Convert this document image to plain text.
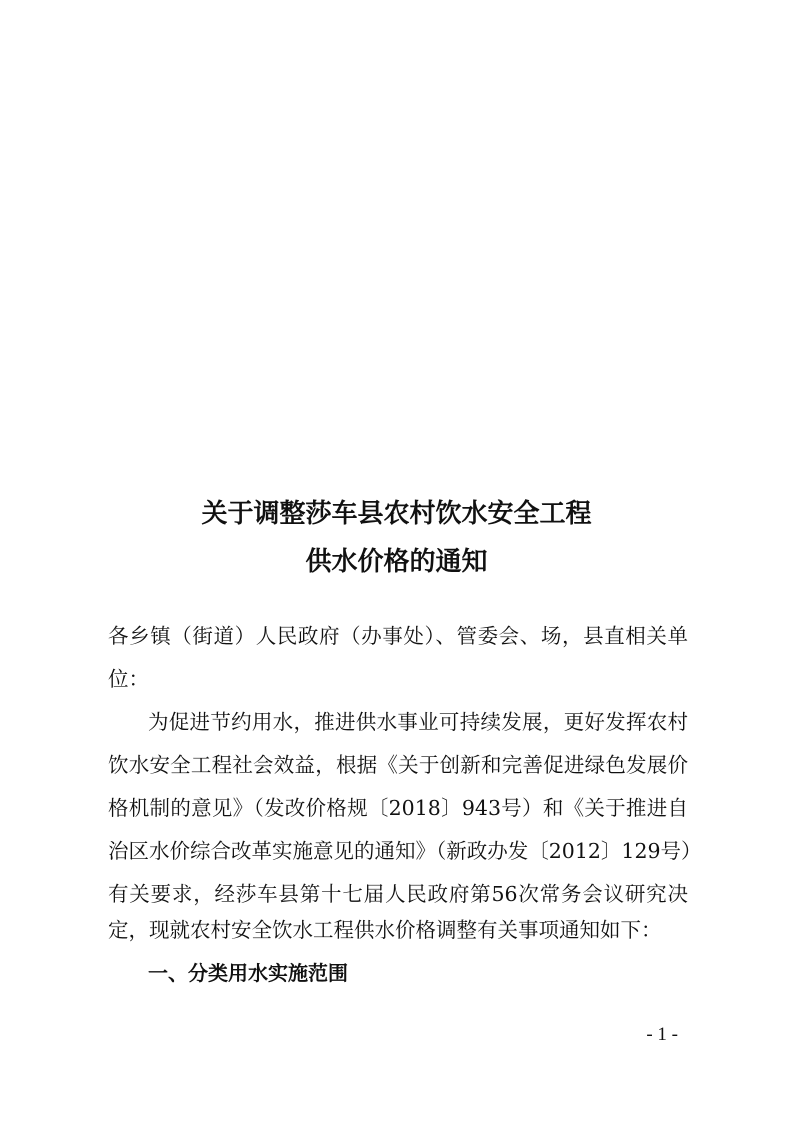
关于调整莎车县农村饮水安全工程
供水价格的通知
各乡镇（街道）人民政府（办事处）、管委会、场，县直相关单
位：
为促进节约用水，推进供水事业可持续发展，更好发挥农村
饮水安全工程社会效益，根据《关于创新和完善促进绿色发展价
格机制的意见》（发改价格规〔2018〕943号）和《关于推进自
治区水价综合改革实施意见的通知》（新政办发〔2012〕129号）
有关要求，经莎车县第十七届人民政府第56次常务会议研究决
定，现就农村安全饮水工程供水价格调整有关事项通知如下：
一、分类用水实施范围
- 1 -
